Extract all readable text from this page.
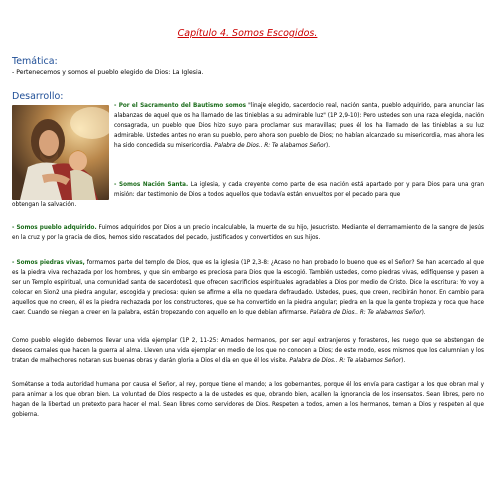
Capítulo 4. Somos Escogidos.
Temática:
- Pertenecemos y somos el pueblo elegido de Dios: La Iglesia.
Desarrollo:
- Por el Sacramento del Bautismo somos "linaje elegido, sacerdocio real, nación santa, pueblo adquirido, para anunciar las alabanzas de aquel que os ha llamado de las tinieblas a su admirable luz" (1P 2,9-10): Pero ustedes son una raza elegida, nación consagrada, un pueblo que Dios hizo suyo para proclamar sus maravillas; pues él los ha llamado de las tinieblas a su luz admirable. Ustedes antes no eran su pueblo, pero ahora son pueblo de Dios; no habían alcanzado su misericordia, mas ahora les ha sido concedida su misericordia. Palabra de Dios.. R: Te alabamos Señor).
- Somos Nación Santa. La iglesia, y cada creyente como parte de esa nación está apartado por y para Dios para una gran misión: dar testimonio de Dios a todos aquellos que todavía están envueltos por el pecado para que
obtengan la salvación.
- Somos pueblo adquirido. Fuimos adquiridos por Dios a un precio incalculable, la muerte de su hijo, Jesucristo. Mediante el derramamiento de la sangre de Jesús en la cruz y por la gracia de dios, hemos sido rescatados del pecado, justificados y convertidos en sus hijos.
- Somos piedras vivas, formamos parte del templo de Dios, que es la iglesia (1P 2,3-8: ¿Acaso no han probado lo bueno que es el Señor? Se han acercado al que es la piedra viva rechazada por los hombres, y que sin embargo es preciosa para Dios que la escogió. También ustedes, como piedras vivas, edifíquense y pasen a ser un Templo espiritual, una comunidad santa de sacerdotes1 que ofrecen sacrificios espirituales agradables a Dios por medio de Cristo. Dice la escritura: Yo voy a colocar en Sion2 una piedra angular, escogida y preciosa: quien se afirme a ella no quedara defraudado. Ustedes, pues, que creen, recibirán honor. En cambio para aquellos que no creen, él es la piedra rechazada por los constructores, que se ha convertido en la piedra angular; piedra en la que la gente tropieza y roca que hace caer. Cuando se niegan a creer en la palabra, están tropezando con aquello en lo que debían afirmarse. Palabra de Dios.. R: Te alabamos Señor).
Como pueblo elegido debemos llevar una vida ejemplar (1P 2, 11-25: Amados hermanos, por ser aquí extranjeros y forasteros, les ruego que se abstengan de deseos carnales que hacen la guerra al alma. Lleven una vida ejemplar en medio de los que no conocen a Dios; de este modo, esos mismos que los calumnian y los tratan de malhechores notaran sus buenas obras y darán gloria a Dios el día en que él los visite. Palabra de Dios.. R: Te alabamos Señor).
Sométanse a toda autoridad humana por causa el Señor, al rey, porque tiene el mando; a los gobernantes, porque él los envía para castigar a los que obran mal y para animar a los que obran bien. La voluntad de Dios respecto a la de ustedes es que, obrando bien, acallen la ignorancia de los insensatos. Sean libres, pero no hagan de la libertad un pretexto para hacer el mal. Sean libres como servidores de Dios. Respeten a todos, amen a los hermanos, teman a Dios y respeten al que gobierna.
